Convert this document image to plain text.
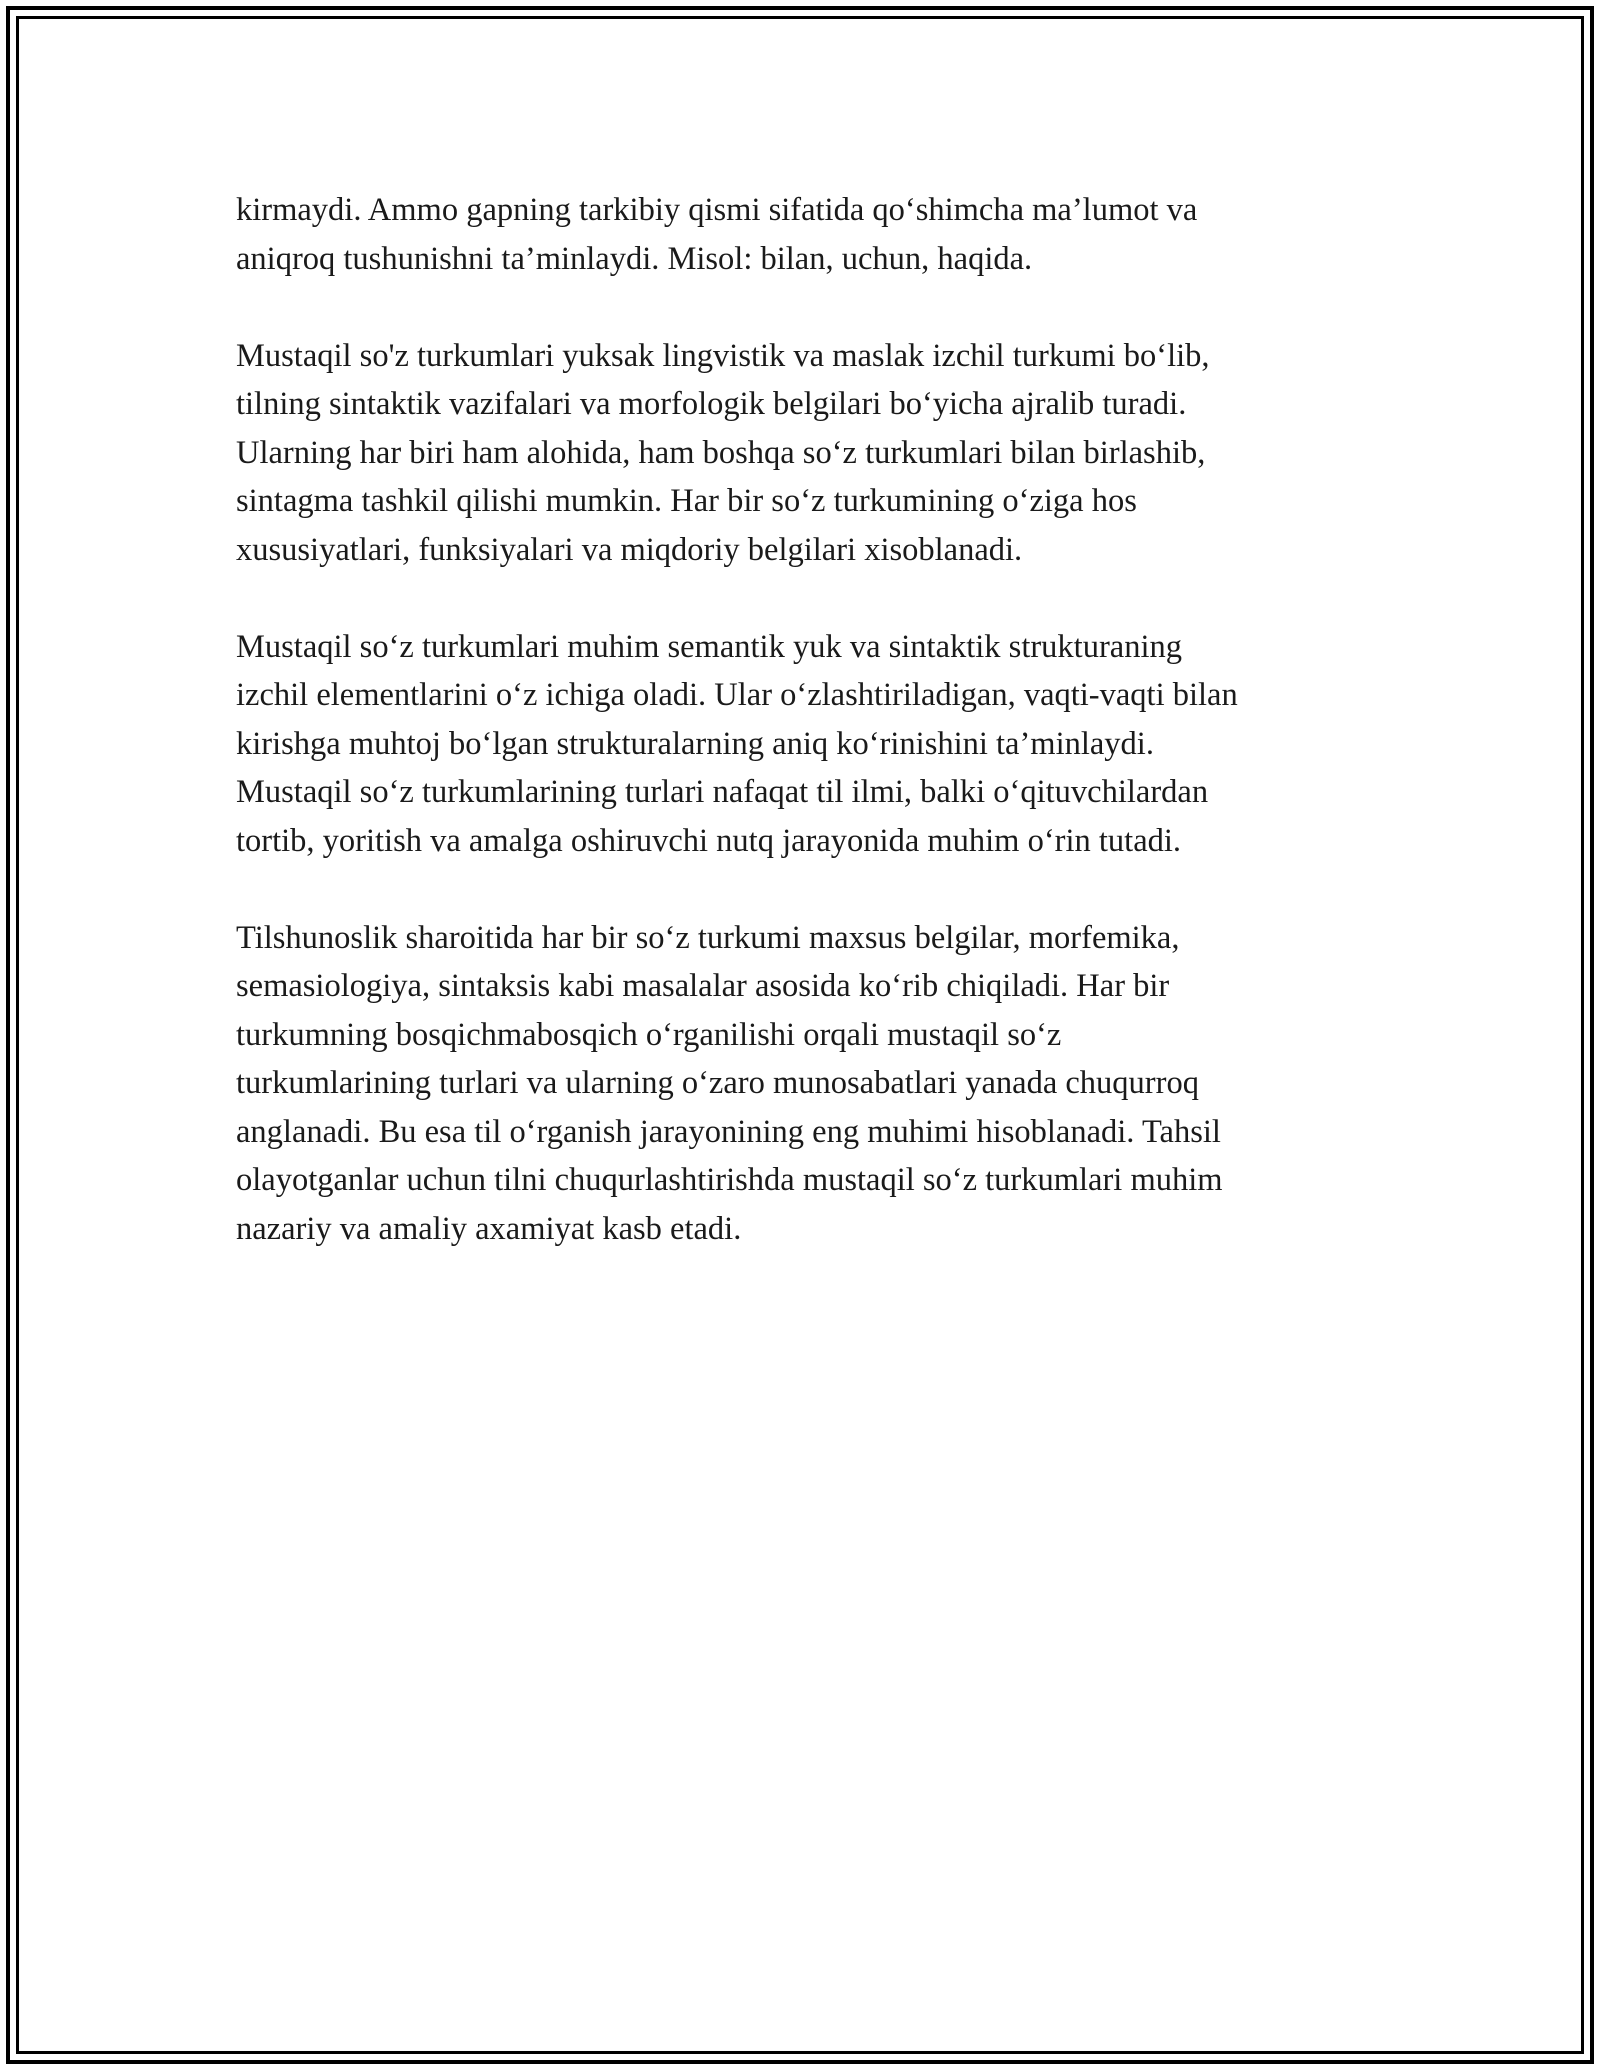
kirmaydi. Ammo gapning tarkibiy qismi sifatida qo‘shimcha ma’lumot va
aniqroq tushunishni ta’minlaydi. Misol: bilan, uchun, haqida.

Mustaqil so'z turkumlari yuksak lingvistik va maslak izchil turkumi bo‘lib,
tilning sintaktik vazifalari va morfologik belgilari bo‘yicha ajralib turadi.
Ularning har biri ham alohida, ham boshqa so‘z turkumlari bilan birlashib,
sintagma tashkil qilishi mumkin. Har bir so‘z turkumining o‘ziga hos
xususiyatlari, funksiyalari va miqdoriy belgilari xisoblanadi.

Mustaqil so‘z turkumlari muhim semantik yuk va sintaktik strukturaning
izchil elementlarini o‘z ichiga oladi. Ular o‘zlashtiriladigan, vaqti-vaqti bilan
kirishga muhtoj bo‘lgan strukturalarning aniq ko‘rinishini ta’minlaydi.
Mustaqil so‘z turkumlarining turlari nafaqat til ilmi, balki o‘qituvchilardan
tortib, yoritish va amalga oshiruvchi nutq jarayonida muhim o‘rin tutadi.

Tilshunoslik sharoitida har bir so‘z turkumi maxsus belgilar, morfemika,
semasiologiya, sintaksis kabi masalalar asosida ko‘rib chiqiladi. Har bir
turkumning bosqichmabosqich o‘rganilishi orqali mustaqil so‘z
turkumlarining turlari va ularning o‘zaro munosabatlari yanada chuqurroq
anglanadi. Bu esa til o‘rganish jarayonining eng muhimi hisoblanadi. Tahsil
olayotganlar uchun tilni chuqurlashtirishda mustaqil so‘z turkumlari muhim
nazariy va amaliy axamiyat kasb etadi.
